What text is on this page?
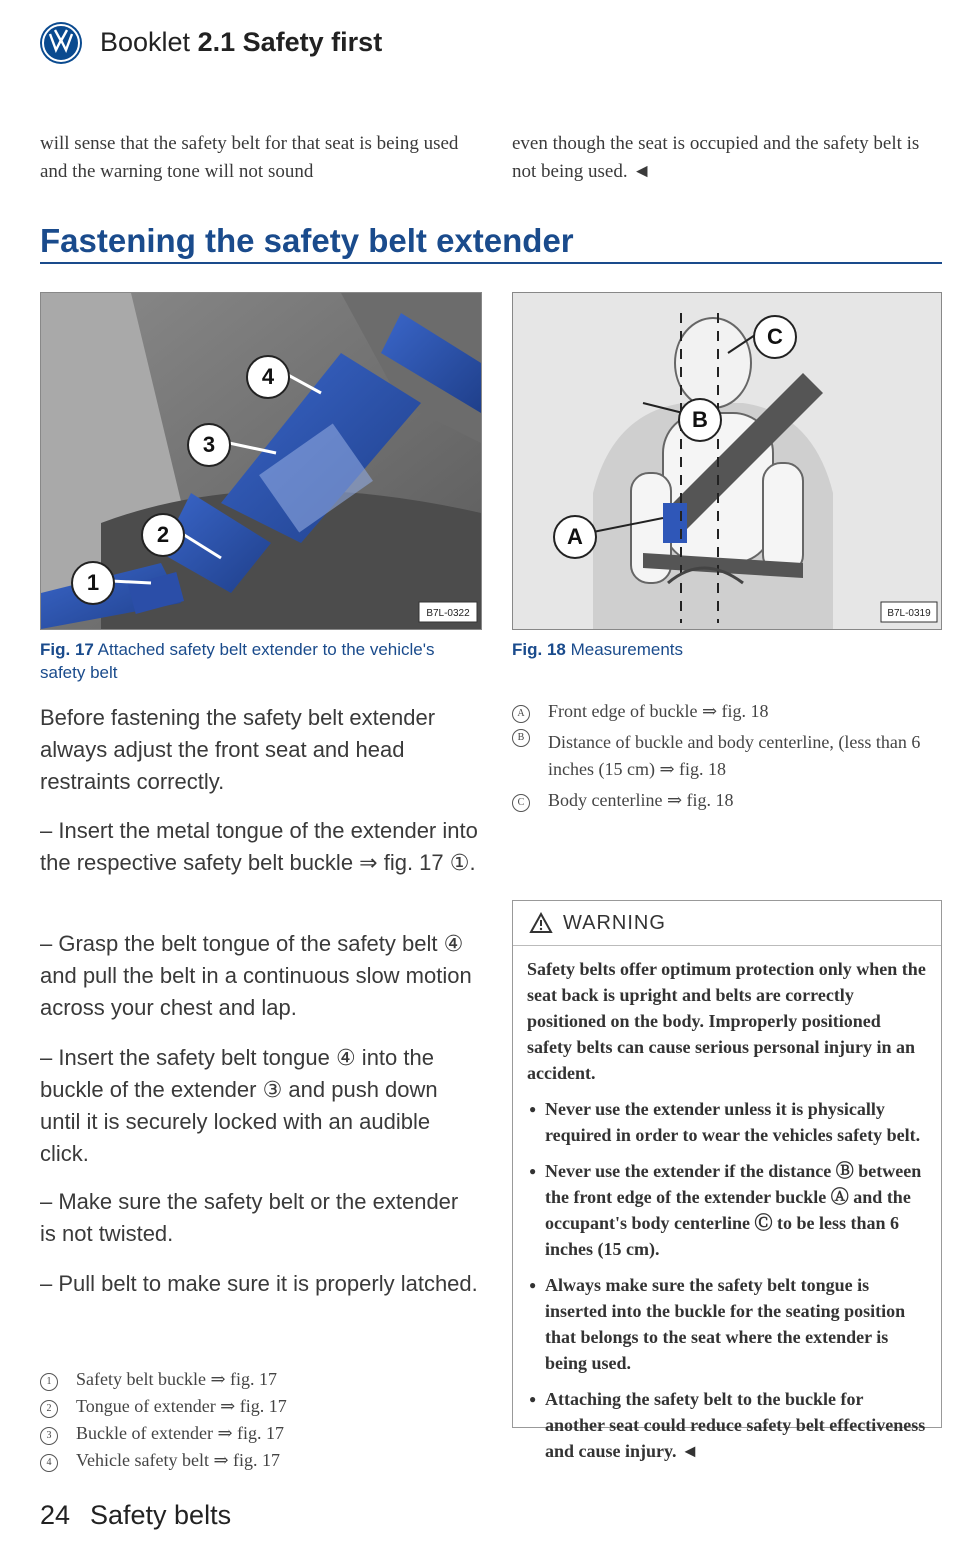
Booklet 2.1 Safety first
will sense that the safety belt for that seat is being used and the warning tone will not sound
even though the seat is occupied and the safety belt is not being used. ◄
Fastening the safety belt extender
B7L-0322
4
3
2
1
Fig. 17 Attached safety belt extender to the vehicle's safety belt
B7L-0319
C
B
A
Fig. 18 Measurements
Before fastening the safety belt extender always adjust the front seat and head restraints correctly.
– Insert the metal tongue of the extender into the respective safety belt buckle ⇒ fig. 17 ①.
– Grasp the belt tongue of the safety belt ④ and pull the belt in a continuous slow motion across your chest and lap.
– Insert the safety belt tongue ④ into the buckle of the extender ③ and push down until it is securely locked with an audible click.
– Make sure the safety belt or the extender is not twisted.
– Pull belt to make sure it is properly latched.
1 Safety belt buckle ⇒ fig. 17
2 Tongue of extender ⇒ fig. 17
3 Buckle of extender ⇒ fig. 17
4 Vehicle safety belt ⇒ fig. 17
A Front edge of buckle ⇒ fig. 18
B	Distance of buckle and body centerline, (less than 6 inches (15 cm) ⇒ fig. 18
C Body centerline ⇒ fig. 18
WARNING

Safety belts offer optimum protection only when the seat back is upright and belts are correctly positioned on the body. Improperly positioned safety belts can cause serious personal injury in an accident.

● Never use the extender unless it is physically required in order to wear the vehicles safety belt.

● Never use the extender if the distance Ⓑ between the front edge of the extender buckle Ⓐ and the occupant's body centerline Ⓒ to be less than 6 inches (15 cm).

● Always make sure the safety belt tongue is inserted into the buckle for the seating position that belongs to the seat where the extender is being used.

● Attaching the safety belt to the buckle for another seat could reduce safety belt effectiveness and cause injury. ◄

24 Safety belts
